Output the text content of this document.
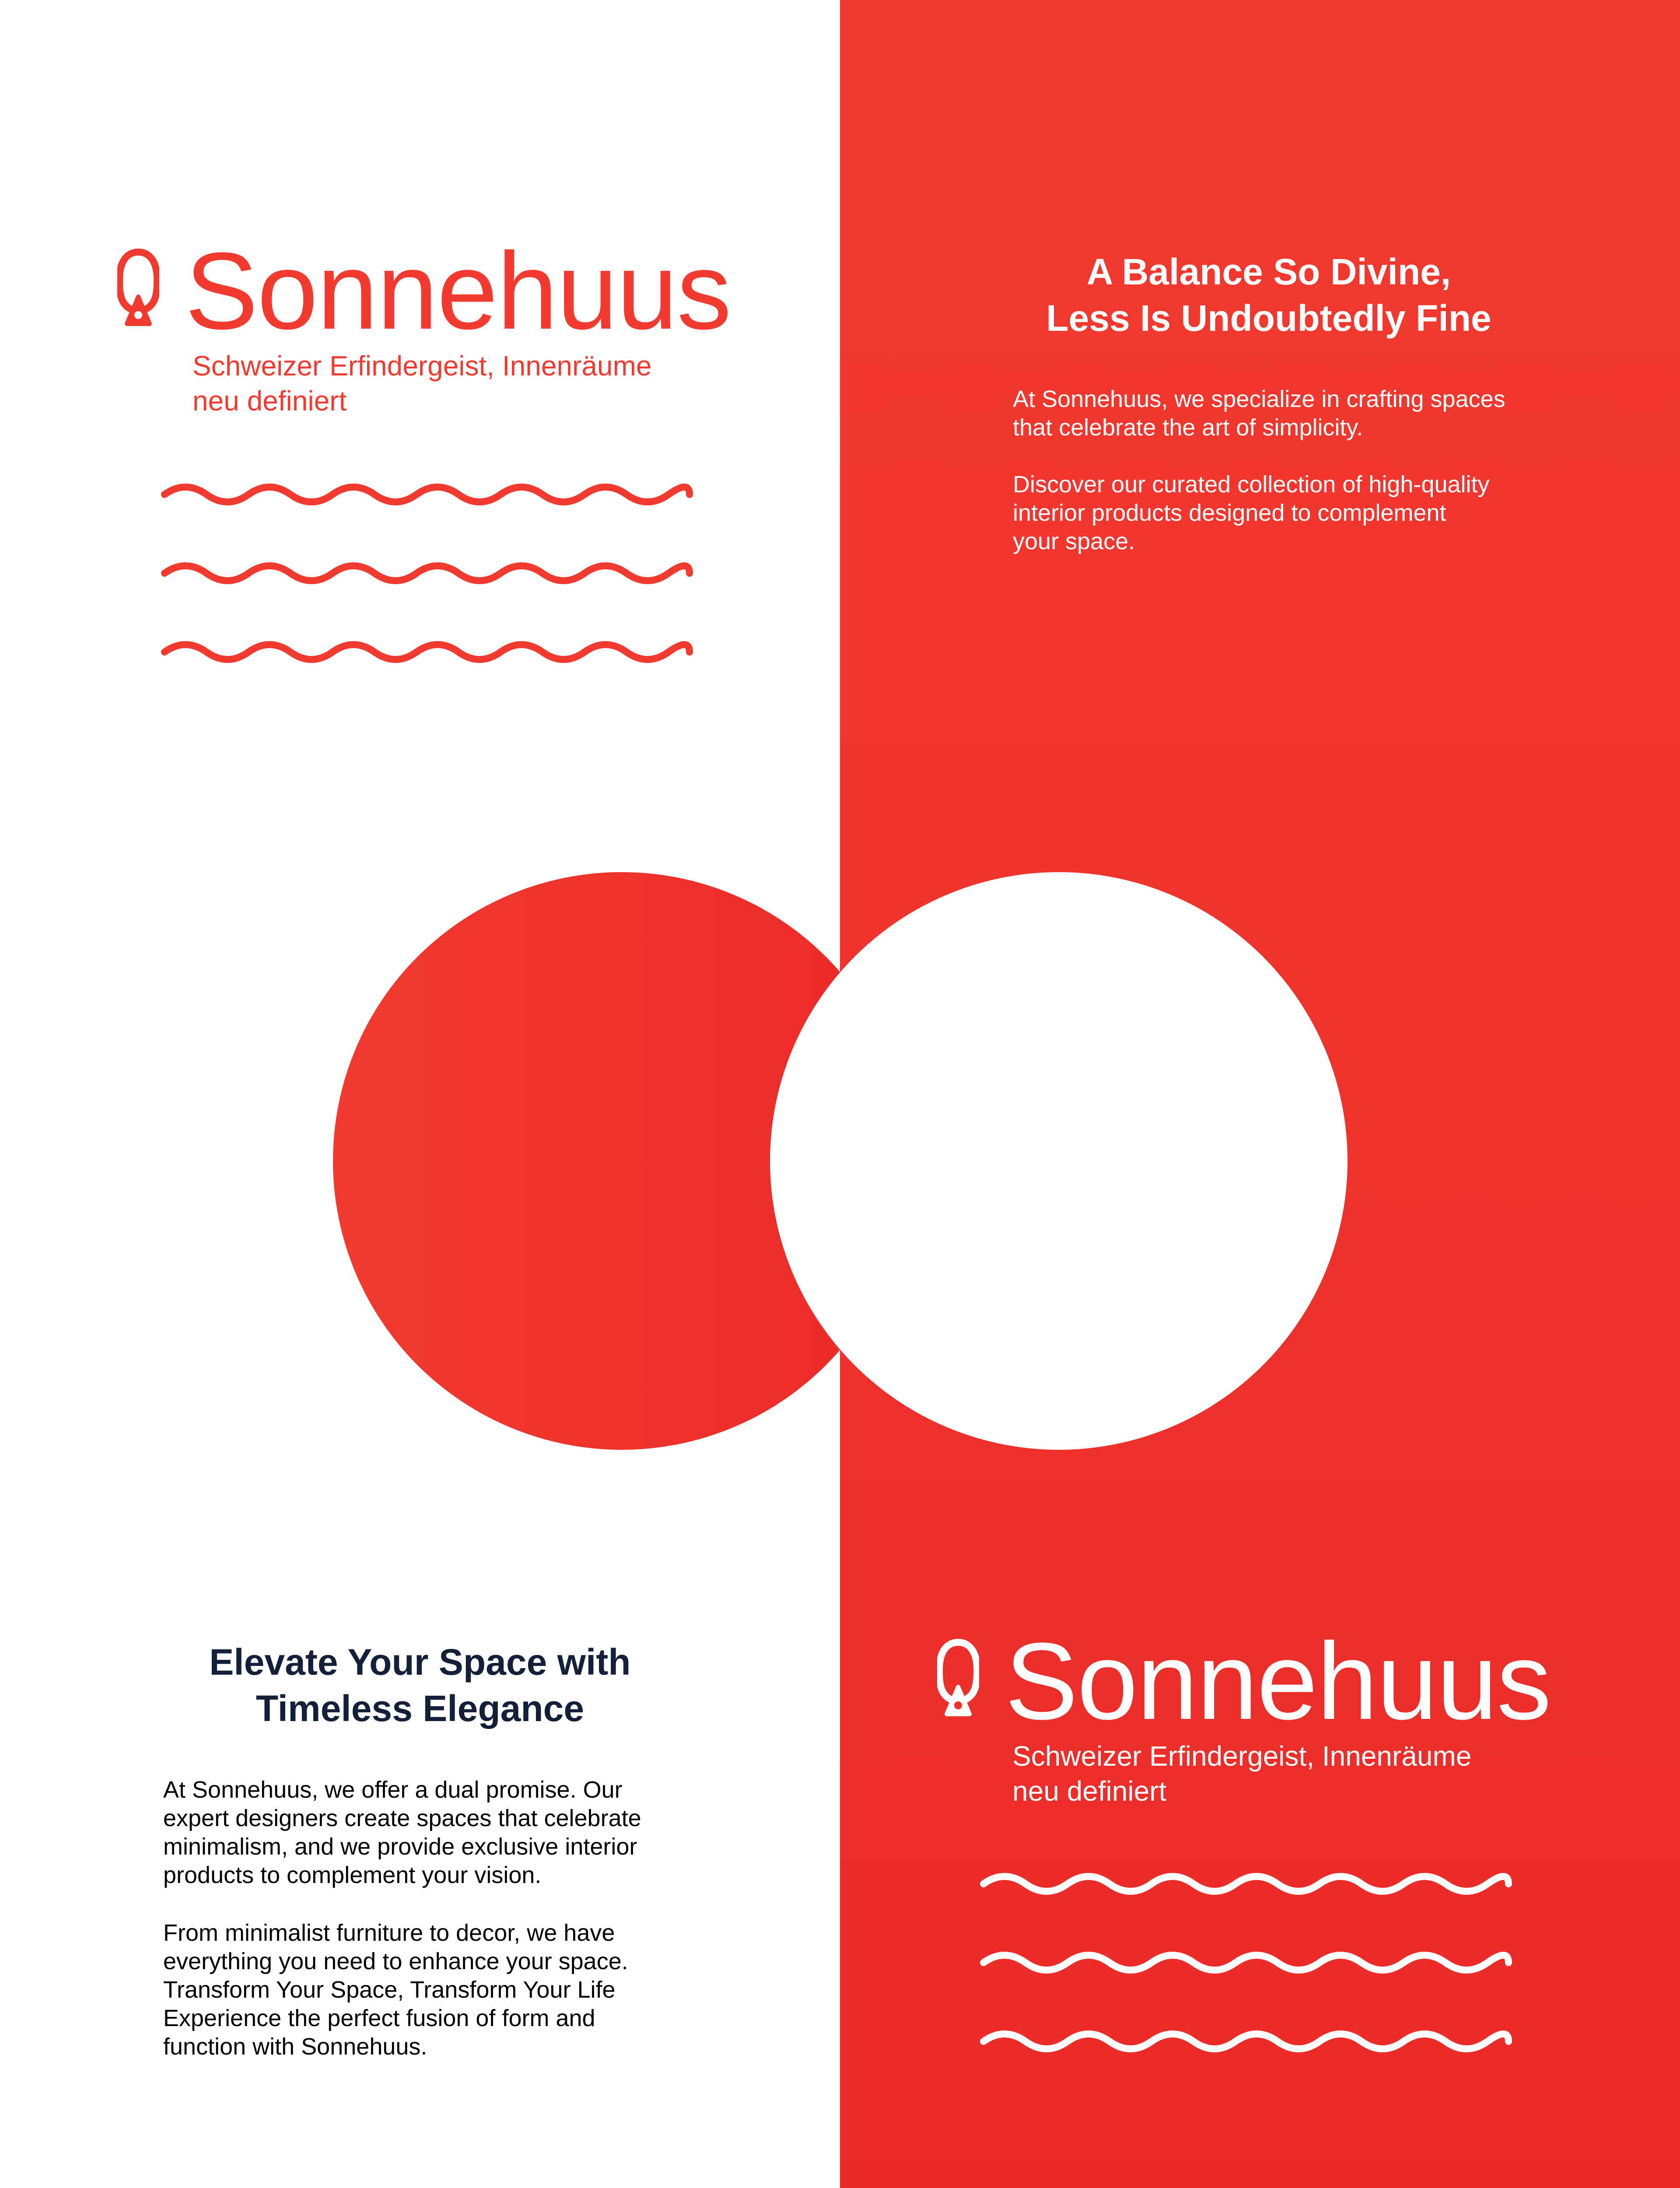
Sonnehuus
Schweizer Erfindergeist, Innenräume
neu definiert
A Balance So Divine,
Less Is Undoubtedly Fine

At Sonnehuus, we specialize in crafting spaces
that celebrate the art of simplicity.

Discover our curated collection of high-quality
interior products designed to complement
your space.

Elevate Your Space with
Timeless Elegance

At Sonnehuus, we offer a dual promise. Our
expert designers create spaces that celebrate
minimalism, and we provide exclusive interior
products to complement your vision.

From minimalist furniture to decor, we have
everything you need to enhance your space.
Transform Your Space, Transform Your Life
Experience the perfect fusion of form and
function with Sonnehuus.

Sonnehuus
Schweizer Erfindergeist, Innenräume
neu definiert
